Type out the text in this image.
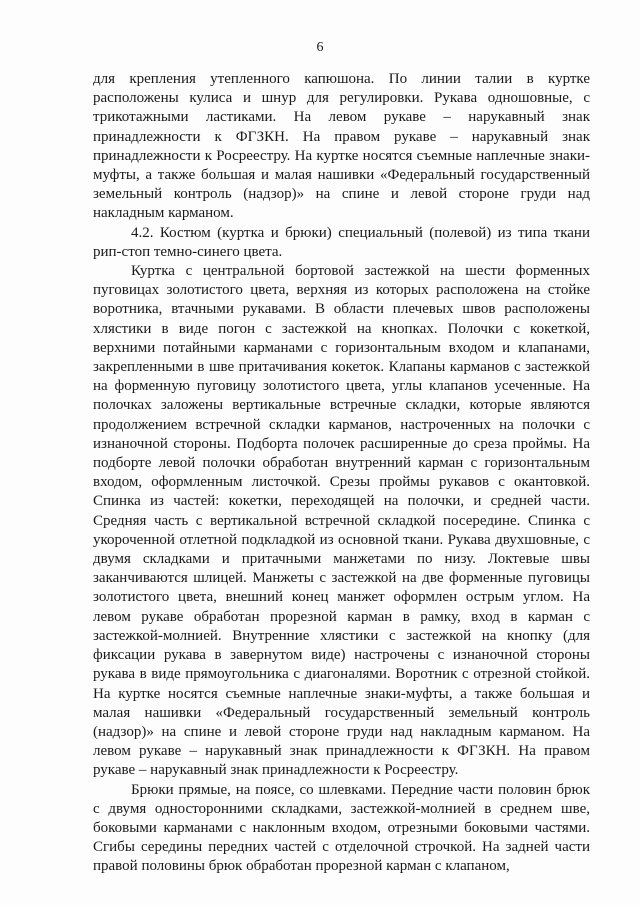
6

для крепления утепленного капюшона. По линии талии в куртке расположены кулиса и шнур для регулировки. Рукава одношовные, с трикотажными ластиками. На левом рукаве – нарукавный знак принадлежности к ФГЗКН. На правом рукаве – нарукавный знак принадлежности к Росреестру. На куртке носятся съемные наплечные знаки-муфты, а также большая и малая нашивки «Федеральный государственный земельный контроль (надзор)» на спине и левой стороне груди над накладным карманом.

4.2. Костюм (куртка и брюки) специальный (полевой) из типа ткани рип-стоп темно-синего цвета.

Куртка с центральной бортовой застежкой на шести форменных пуговицах золотистого цвета, верхняя из которых расположена на стойке воротника, втачными рукавами. В области плечевых швов расположены хлястики в виде погон с застежкой на кнопках. Полочки с кокеткой, верхними потайными карманами с горизонтальным входом и клапанами, закрепленными в шве притачивания кокеток. Клапаны карманов с застежкой на форменную пуговицу золотистого цвета, углы клапанов усеченные. На полочках заложены вертикальные встречные складки, которые являются продолжением встречной складки карманов, настроченных на полочки с изнаночной стороны. Подборта полочек расширенные до среза проймы. На подборте левой полочки обработан внутренний карман с горизонтальным входом, оформленным листочкой. Срезы проймы рукавов с окантовкой. Спинка из частей: кокетки, переходящей на полочки, и средней части. Средняя часть с вертикальной встречной складкой посередине. Спинка с укороченной отлетной подкладкой из основной ткани. Рукава двухшовные, с двумя складками и притачными манжетами по низу. Локтевые швы заканчиваются шлицей. Манжеты с застежкой на две форменные пуговицы золотистого цвета, внешний конец манжет оформлен острым углом. На левом рукаве обработан прорезной карман в рамку, вход в карман с застежкой-молнией. Внутренние хлястики с застежкой на кнопку (для фиксации рукава в завернутом виде) настрочены с изнаночной стороны рукава в виде прямоугольника с диагоналями. Воротник с отрезной стойкой. На куртке носятся съемные наплечные знаки-муфты, а также большая и малая нашивки «Федеральный государственный земельный контроль (надзор)» на спине и левой стороне груди над накладным карманом. На левом рукаве – нарукавный знак принадлежности к ФГЗКН. На правом рукаве – нарукавный знак принадлежности к Росреестру.

Брюки прямые, на поясе, со шлевками. Передние части половин брюк с двумя односторонними складками, застежкой-молнией в среднем шве, боковыми карманами с наклонным входом, отрезными боковыми частями. Сгибы середины передних частей с отделочной строчкой. На задней части правой половины брюк обработан прорезной карман с клапаном,
